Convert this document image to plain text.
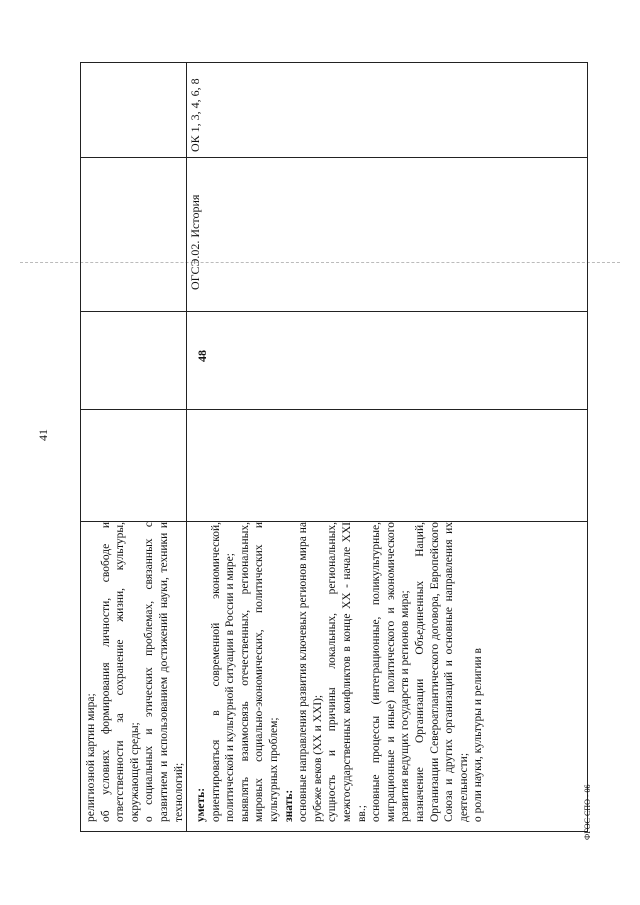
41

религиозной картин мира; об условиях формирования личности, свободе и ответственности за сохранение жизни, культуры, окружающей среды; о социальных и этических проблемах, связанных с развитием и использованием достижений науки, техники и технологий; уметь: ориентироваться в современной экономической, политической и культурной ситуации в России и мире; выявлять взаимосвязь отечественных, региональных, мировых социально-экономических, политических и культурных проблем; знать: основные направления развития ключевых регионов мира на рубеже веков (XX и XXI); сущность и причины локальных, региональных, межгосударственных конфликтов в конце XX - начале XXI вв.; основные процессы (интеграционные, поликультурные, миграционные и иные) политического и экономического развития ведущих государств и регионов мира; назначение Организации Объединенных Наций, Организации Североатлантического договора, Европейского Союза и других организаций и основные направления их деятельности; о роли науки, культуры и религии в

48
ОГСЭ.02. История
ОК 1, 3, 4, 6, 8
ФГОС СПО - 06
